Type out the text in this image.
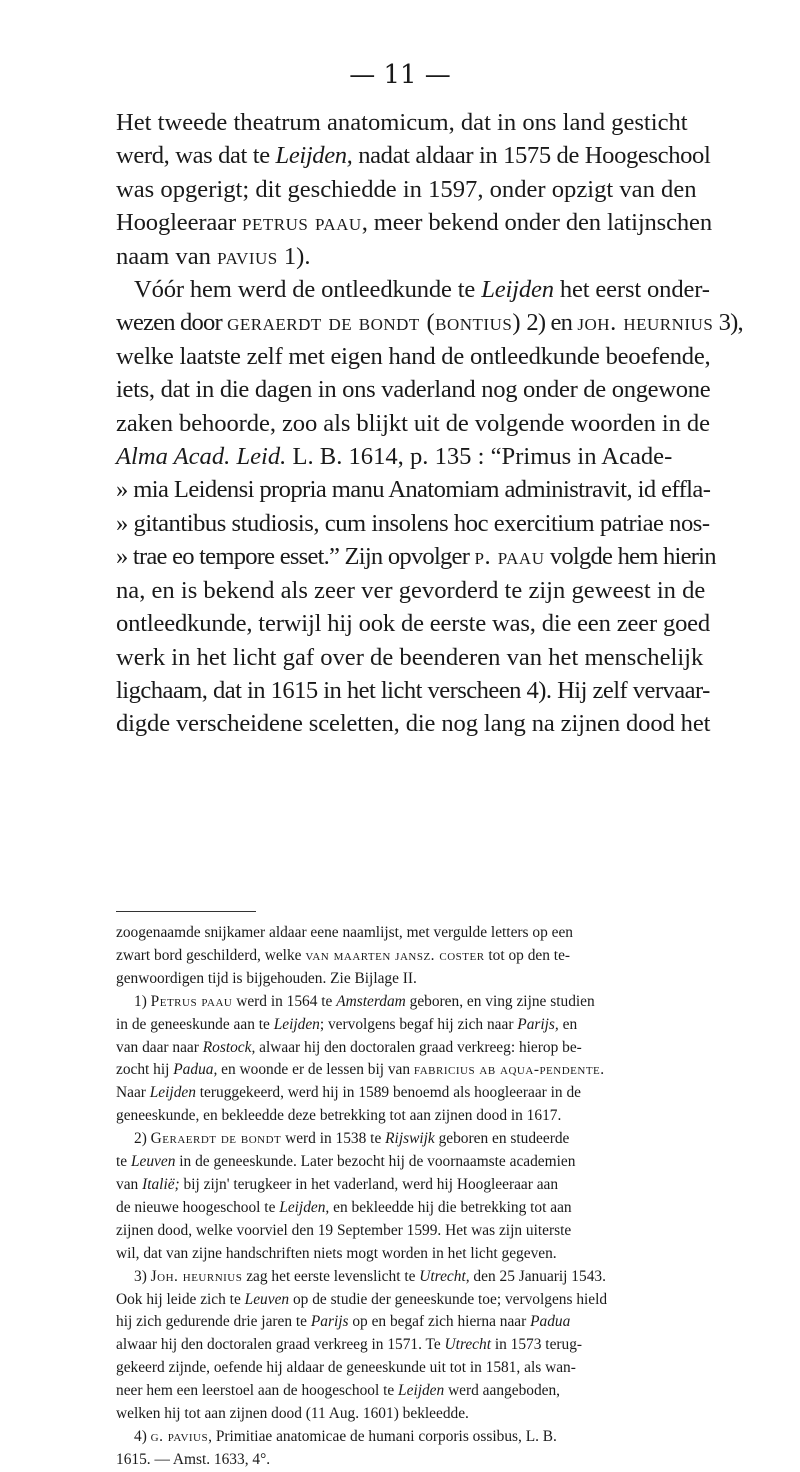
— 11 —
Het tweede theatrum anatomicum, dat in ons land gesticht
werd, was dat te Leijden, nadat aldaar in 1575 de Hoogeschool
was opgerigt; dit geschiedde in 1597, onder opzigt van den
Hoogleeraar petrus paau, meer bekend onder den latijnschen
naam van pavius 1).
Vóór hem werd de ontleedkunde te Leijden het eerst onder-
wezen door geraerdt de bondt (bontius) 2) en joh. heurnius 3),
welke laatste zelf met eigen hand de ontleedkunde beoefende,
iets, dat in die dagen in ons vaderland nog onder de ongewone
zaken behoorde, zoo als blijkt uit de volgende woorden in de
Alma Acad. Leid. L. B. 1614, p. 135 : “Primus in Acade-
» mia Leidensi propria manu Anatomiam administravit, id effla-
» gitantibus studiosis, cum insolens hoc exercitium patriae nos-
» trae eo tempore esset.” Zijn opvolger p. paau volgde hem hierin
na, en is bekend als zeer ver gevorderd te zijn geweest in de
ontleedkunde, terwijl hij ook de eerste was, die een zeer goed
werk in het licht gaf over de beenderen van het menschelijk
ligchaam, dat in 1615 in het licht verscheen 4). Hij zelf vervaar-
digde verscheidene sceletten, die nog lang na zijnen dood het
zoogenaamde snijkamer aldaar eene naamlijst, met vergulde letters op een
zwart bord geschilderd, welke van maarten jansz. coster tot op den te-
genwoordigen tijd is bijgehouden. Zie Bijlage II.
1) Petrus paau werd in 1564 te Amsterdam geboren, en ving zijne studien
in de geneeskunde aan te Leijden; vervolgens begaf hij zich naar Parijs, en
van daar naar Rostock, alwaar hij den doctoralen graad verkreeg: hierop be-
zocht hij Padua, en woonde er de lessen bij van fabricius ab aqua-pendente.
Naar Leijden teruggekeerd, werd hij in 1589 benoemd als hoogleeraar in de
geneeskunde, en bekleedde deze betrekking tot aan zijnen dood in 1617.
2) Geraerdt de bondt werd in 1538 te Rijswijk geboren en studeerde
te Leuven in de geneeskunde. Later bezocht hij de voornaamste academien
van Italië; bij zijn' terugkeer in het vaderland, werd hij Hoogleeraar aan
de nieuwe hoogeschool te Leijden, en bekleedde hij die betrekking tot aan
zijnen dood, welke voorviel den 19 September 1599. Het was zijn uiterste
wil, dat van zijne handschriften niets mogt worden in het licht gegeven.
3) Joh. heurnius zag het eerste levenslicht te Utrecht, den 25 Januarij 1543.
Ook hij leide zich te Leuven op de studie der geneeskunde toe; vervolgens hield
hij zich gedurende drie jaren te Parijs op en begaf zich hierna naar Padua
alwaar hij den doctoralen graad verkreeg in 1571. Te Utrecht in 1573 terug-
gekeerd zijnde, oefende hij aldaar de geneeskunde uit tot in 1581, als wan-
neer hem een leerstoel aan de hoogeschool te Leijden werd aangeboden,
welken hij tot aan zijnen dood (11 Aug. 1601) bekleedde.
4) g. pavius, Primitiae anatomicae de humani corporis ossibus, L. B.
1615. — Amst. 1633, 4°.
